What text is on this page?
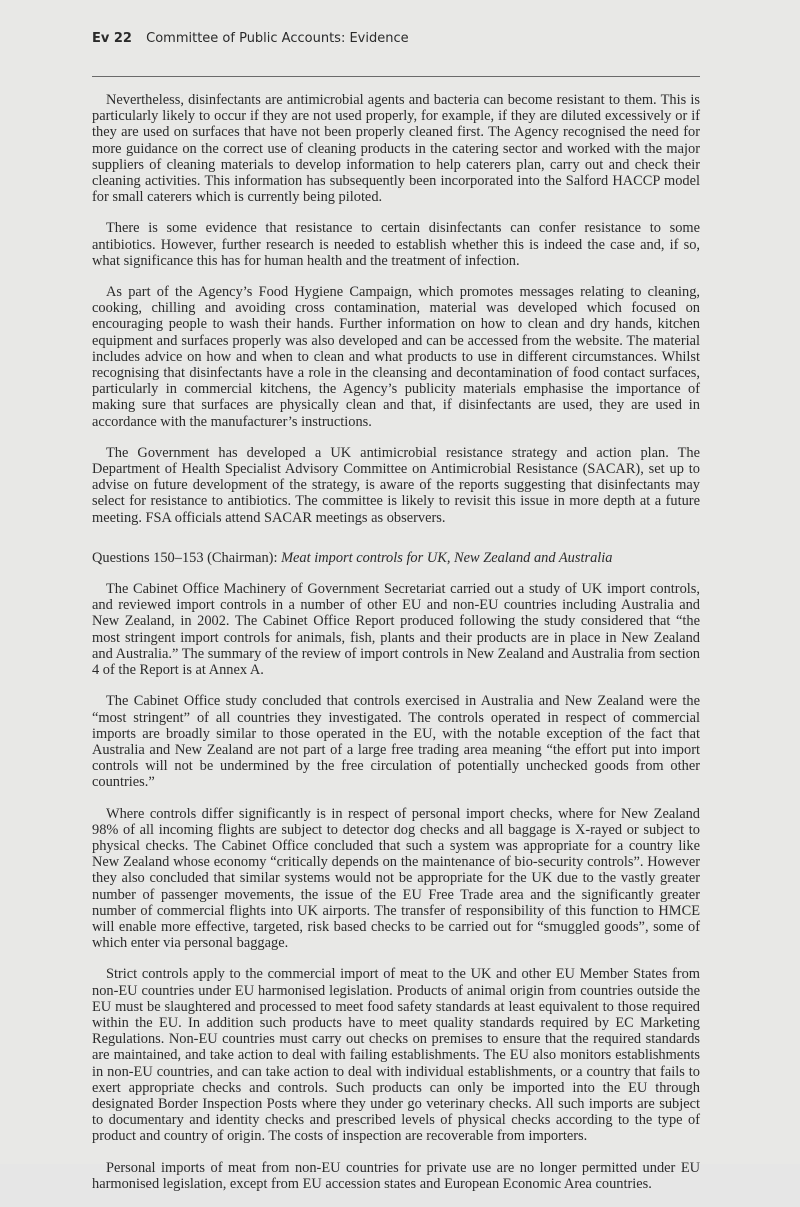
Ev 22 Committee of Public Accounts: Evidence

Nevertheless, disinfectants are antimicrobial agents and bacteria can become resistant to them. This is particularly likely to occur if they are not used properly, for example, if they are diluted excessively or if they are used on surfaces that have not been properly cleaned first. The Agency recognised the need for more guidance on the correct use of cleaning products in the catering sector and worked with the major suppliers of cleaning materials to develop information to help caterers plan, carry out and check their cleaning activities. This information has subsequently been incorporated into the Salford HACCP model for small caterers which is currently being piloted.

There is some evidence that resistance to certain disinfectants can confer resistance to some antibiotics. However, further research is needed to establish whether this is indeed the case and, if so, what significance this has for human health and the treatment of infection.

As part of the Agency’s Food Hygiene Campaign, which promotes messages relating to cleaning, cooking, chilling and avoiding cross contamination, material was developed which focused on encouraging people to wash their hands. Further information on how to clean and dry hands, kitchen equipment and surfaces properly was also developed and can be accessed from the website. The material includes advice on how and when to clean and what products to use in different circumstances. Whilst recognising that disinfectants have a role in the cleansing and decontamination of food contact surfaces, particularly in commercial kitchens, the Agency’s publicity materials emphasise the importance of making sure that surfaces are physically clean and that, if disinfectants are used, they are used in accordance with the manufacturer’s instructions.

The Government has developed a UK antimicrobial resistance strategy and action plan. The Department of Health Specialist Advisory Committee on Antimicrobial Resistance (SACAR), set up to advise on future development of the strategy, is aware of the reports suggesting that disinfectants may select for resistance to antibiotics. The committee is likely to revisit this issue in more depth at a future meeting. FSA officials attend SACAR meetings as observers.

Questions 150–153 (Chairman): Meat import controls for UK, New Zealand and Australia

The Cabinet Office Machinery of Government Secretariat carried out a study of UK import controls, and reviewed import controls in a number of other EU and non-EU countries including Australia and New Zealand, in 2002. The Cabinet Office Report produced following the study considered that “the most stringent import controls for animals, fish, plants and their products are in place in New Zealand and Australia.” The summary of the review of import controls in New Zealand and Australia from section 4 of the Report is at Annex A.

The Cabinet Office study concluded that controls exercised in Australia and New Zealand were the “most stringent” of all countries they investigated. The controls operated in respect of commercial imports are broadly similar to those operated in the EU, with the notable exception of the fact that Australia and New Zealand are not part of a large free trading area meaning “the effort put into import controls will not be undermined by the free circulation of potentially unchecked goods from other countries.”

Where controls differ significantly is in respect of personal import checks, where for New Zealand 98% of all incoming flights are subject to detector dog checks and all baggage is X-rayed or subject to physical checks. The Cabinet Office concluded that such a system was appropriate for a country like New Zealand whose economy “critically depends on the maintenance of bio-security controls”. However they also concluded that similar systems would not be appropriate for the UK due to the vastly greater number of passenger movements, the issue of the EU Free Trade area and the significantly greater number of commercial flights into UK airports. The transfer of responsibility of this function to HMCE will enable more effective, targeted, risk based checks to be carried out for “smuggled goods”, some of which enter via personal baggage.

Strict controls apply to the commercial import of meat to the UK and other EU Member States from non-EU countries under EU harmonised legislation. Products of animal origin from countries outside the EU must be slaughtered and processed to meet food safety standards at least equivalent to those required within the EU. In addition such products have to meet quality standards required by EC Marketing Regulations. Non-EU countries must carry out checks on premises to ensure that the required standards are maintained, and take action to deal with failing establishments. The EU also monitors establishments in non-EU countries, and can take action to deal with individual establishments, or a country that fails to exert appropriate checks and controls. Such products can only be imported into the EU through designated Border Inspection Posts where they under go veterinary checks. All such imports are subject to documentary and identity checks and prescribed levels of physical checks according to the type of product and country of origin. The costs of inspection are recoverable from importers.

Personal imports of meat from non-EU countries for private use are no longer permitted under EU harmonised legislation, except from EU accession states and European Economic Area countries.
